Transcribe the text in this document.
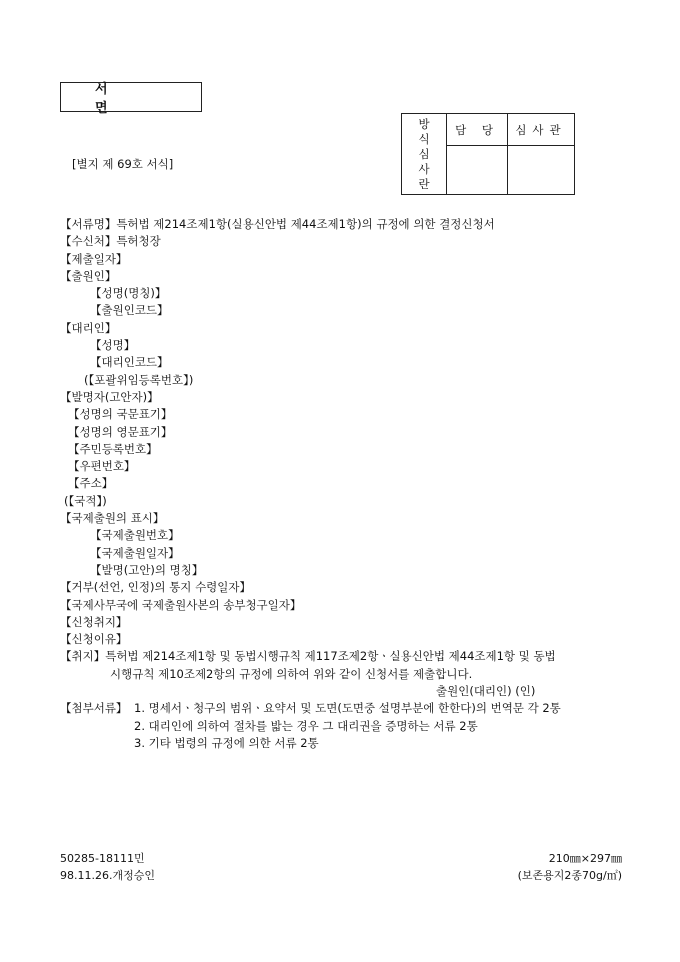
서 면
[별지 제 69호 서식]
방
식
심
사
란	담 당	심사관

【서류명】특허법 제214조제1항(실용신안법 제44조제1항)의 규정에 의한 결정신청서
【수신처】특허청장
【제출일자】
【출원인】
【성명(명칭)】
【출원인코드】
【대리인】
【성명】
【대리인코드】
(【포괄위임등록번호】)
【발명자(고안자)】
【성명의 국문표기】
【성명의 영문표기】
【주민등록번호】
【우편번호】
【주소】
(【국적】)
【국제출원의 표시】
【국제출원번호】
【국제출원일자】
【발명(고안)의 명칭】
【거부(선언, 인정)의 통지 수령일자】
【국제사무국에 국제출원사본의 송부청구일자】
【신청취지】
【신청이유】
【취지】특허법 제214조제1항 및 동법시행규칙 제117조제2항ㆍ실용신안법 제44조제1항 및 동법
시행규칙 제10조제2항의 규정에 의하여 위와 같이 신청서를 제출합니다.
출원인(대리인) (인)
【첨부서류】 1. 명세서ㆍ청구의 범위ㆍ요약서 및 도면(도면중 설명부분에 한한다)의 번역문 각 2통
2. 대리인에 의하여 절차를 밟는 경우 그 대리권을 증명하는 서류 2통
3. 기타 법령의 규정에 의한 서류 2통
50285-18111민
98.11.26.개정승인
210㎜×297㎜
(보존용지2종70g/㎡)
